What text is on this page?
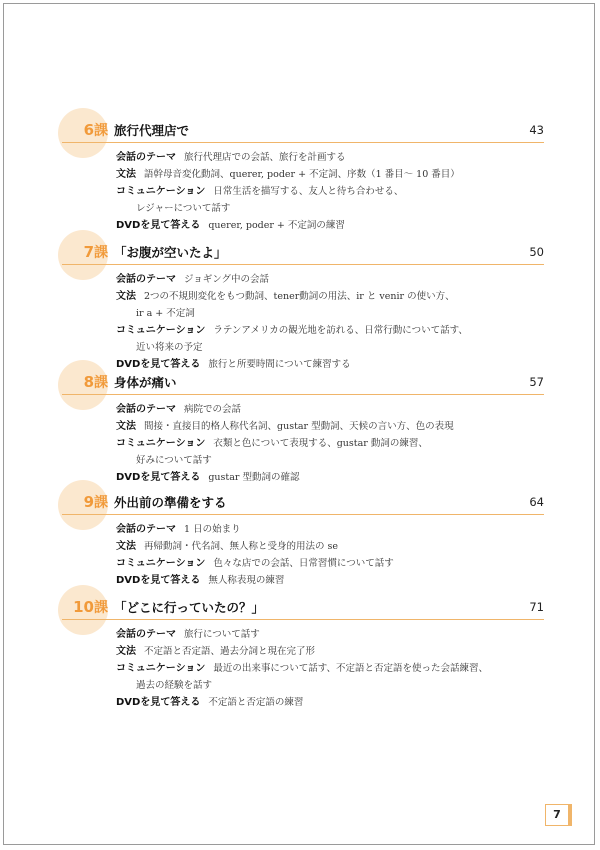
6課 旅行代理店で	43
会話のテーマ 旅行代理店での会話、旅行を計画する
文法 語幹母音変化動詞、querer, poder + 不定詞、序数（1 番目～ 10 番目）
コミュニケーション 日常生活を描写する、友人と待ち合わせる、
レジャーについて話す
DVDを見て答える querer, poder + 不定詞の練習
7課 「お腹が空いたよ」	50
会話のテーマ ジョギング中の会話
文法 2つの不規則変化をもつ動詞、tener動詞の用法、ir と venir の使い方、
ir a + 不定詞
コミュニケーション ラテンアメリカの観光地を訪れる、日常行動について話す、
近い将来の予定
DVDを見て答える 旅行と所要時間について練習する
8課 身体が痛い	57
会話のテーマ 病院での会話
文法 間接・直接目的格人称代名詞、gustar 型動詞、天候の言い方、色の表現
コミュニケーション 衣類と色について表現する、gustar 動詞の練習、
好みについて話す
DVDを見て答える gustar 型動詞の確認
9課 外出前の準備をする	64
会話のテーマ 1 日の始まり
文法 再帰動詞・代名詞、無人称と受身的用法の se
コミュニケーション 色々な店での会話、日常習慣について話す
DVDを見て答える 無人称表現の練習
10課 「どこに行っていたの？」	71
会話のテーマ 旅行について話す
文法 不定語と否定語、過去分詞と現在完了形
コミュニケーション 最近の出来事について話す、不定語と否定語を使った会話練習、
過去の経験を話す
DVDを見て答える 不定語と否定語の練習
7
